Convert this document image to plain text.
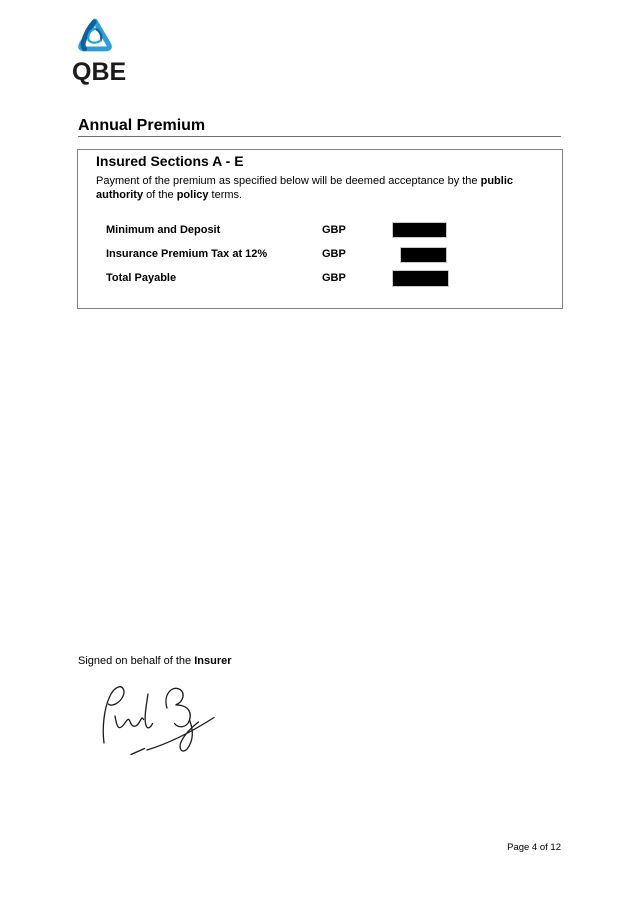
QBE
Annual Premium
Insured Sections A - E

Payment of the premium as specified below will be deemed acceptance by the public authority of the policy terms.

Minimum and Deposit	GBP
Insurance Premium Tax at 12%	GBP
Total Payable	GBP
Signed on behalf of the Insurer
Page 4 of 12
